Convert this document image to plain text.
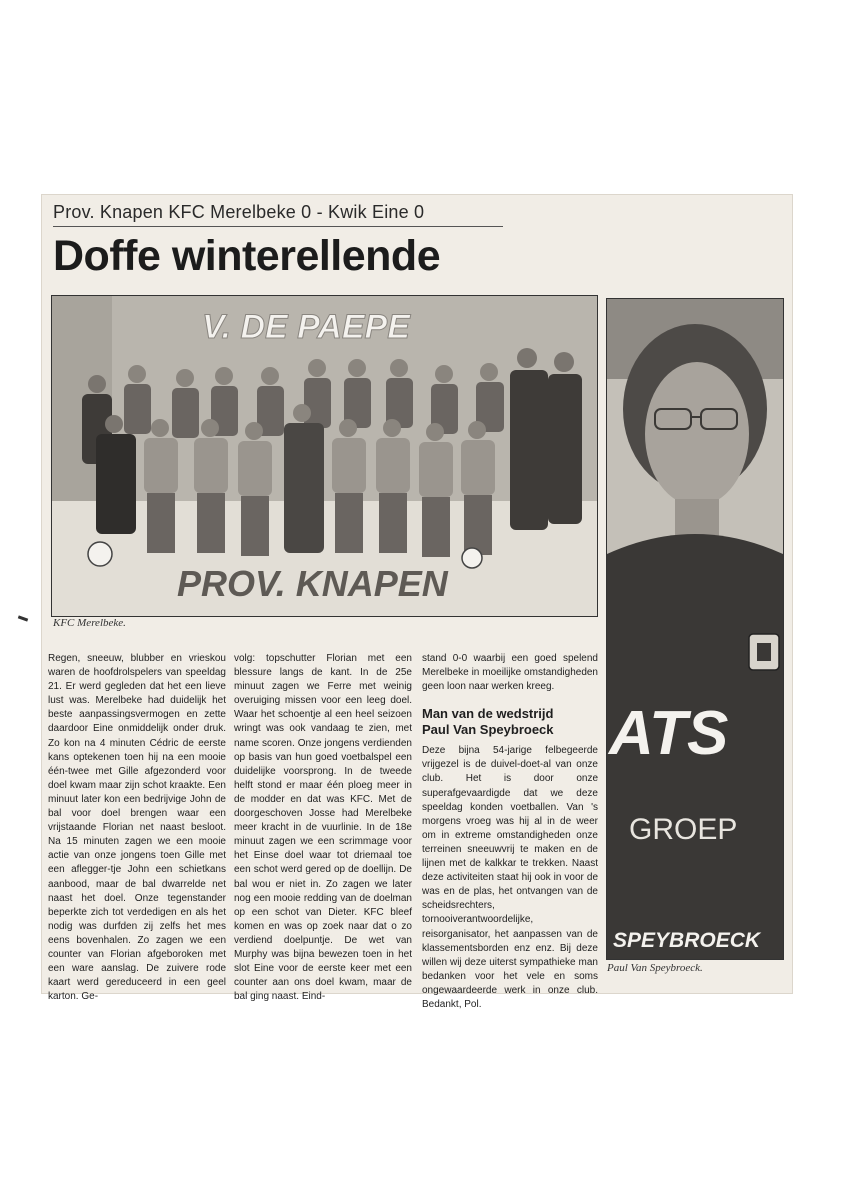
Prov. Knapen KFC Merelbeke 0 - Kwik Eine 0
Doffe winterellende
V. DE PAEPE
PROV. KNAPEN
KFC Merelbeke.

Regen, sneeuw, blubber en vrieskou waren de hoofdrolspelers van speeldag 21. Er werd gegleden dat het een lieve lust was. Merelbeke had duidelijk het beste aanpassingsvermogen en zette daardoor Eine onmiddelijk onder druk. Zo kon na 4 minuten Cédric de eerste kans optekenen toen hij na een mooie één-twee met Gille afgezonderd voor doel kwam maar zijn schot kraakte. Een minuut later kon een bedrijvige John de bal voor doel brengen waar een vrijstaande Florian net naast besloot. Na 15 minuten zagen we een mooie actie van onze jongens toen Gille met een aflegger-tje John een schietkans aanbood, maar de bal dwarrelde net naast het doel. Onze tegenstander beperkte zich tot verdedigen en als het nodig was durfden zij zelfs het mes eens bovenhalen. Zo zagen we een counter van Florian afgeboroken met een ware aanslag. De zuivere rode kaart werd gereduceerd in een geel karton. Ge-

volg: topschutter Florian met een blessure langs de kant. In de 25e minuut zagen we Ferre met weinig overuiging missen voor een leeg doel. Waar het schoentje al een heel seizoen wringt was ook vandaag te zien, met name scoren. Onze jongens verdienden op basis van hun goed voetbalspel een duidelijke voorsprong. In de tweede helft stond er maar één ploeg meer in de modder en dat was KFC. Met de doorgeschoven Josse had Merelbeke meer kracht in de vuurlinie. In de 18e minuut zagen we een scrimmage voor het Einse doel waar tot driemaal toe een schot werd gered op de doellijn. De bal wou er niet in. Zo zagen we later nog een mooie redding van de doelman op een schot van Dieter. KFC bleef komen en was op zoek naar dat o zo verdiend doelpuntje. De wet van Murphy was bijna bewezen toen in het slot Eine voor de eerste keer met een counter aan ons doel kwam, maar de bal ging naast. Eind-

stand 0-0 waarbij een goed spelend Merelbeke in moeilijke omstandigheden geen loon naar werken kreeg.

Man van de wedstrijd
Paul Van Speybroeck

Deze bijna 54-jarige felbegeerde vrijgezel is de duivel-doet-al van onze club. Het is door onze superafgevaardigde dat we deze speeldag konden voetballen. Van 's morgens vroeg was hij al in de weer om in extreme omstandigheden onze terreinen sneeuwvrij te maken en de lijnen met de kalkkar te trekken. Naast deze activiteiten staat hij ook in voor de was en de plas, het ontvangen van de scheidsrechters, tornooiverantwoordelijke, reisorganisator, het aanpassen van de klassementsborden enz enz. Bij deze willen wij deze uiterst sympathieke man bedanken voor het vele en soms ongewaardeerde werk in onze club. Bedankt, Pol.

ATS
GROEP
SPEYBROECK
Paul Van Speybroeck.
